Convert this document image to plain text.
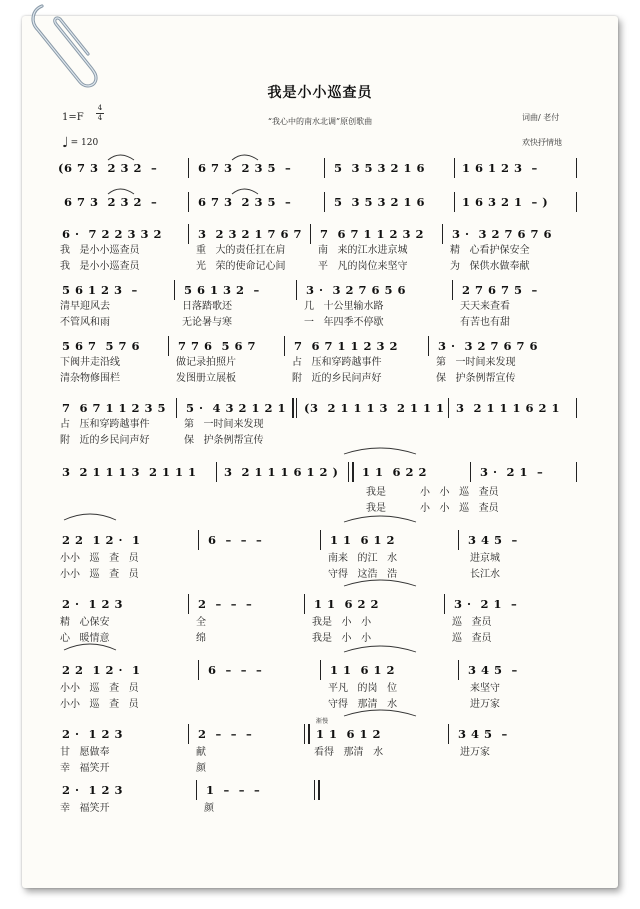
我是小小巡查员
“我心中的南水北调”原创歌曲
1=F
4
4
♩ = 120
词曲/ 老付
欢快抒情地

(6 7 3  2 3 2  –

	6 7 3  2 3 5  –

	5  3 5 3 2 1 6

	1 6 1 2 3  –

6 7 3  2 3 2  –

	6 7 3  2 3 5  –

	5  3 5 3 2 1 6

	1 6 3 2 1  – )

6 ·  7 2 2 3 3 2

	3  2 3 2 1 7 6 7

7  6 7 1 1 2 3 2

3 ·  3 2 7 6 7 6

我   是小小巡查员

	重   大的责任扛在肩

	南   来的江水进京城

	精   心看护保安全

我   是小小巡查员

	光   荣的使命记心间

	平   凡的岗位来坚守

	为   保供水做奉献

5 6 1 2 3  –

	5 6 1 3 2  –

	3 ·  3 2 7 6 5 6

	2 7 6 7 5  –

清早迎风去

	日落踏歌还

	几   十公里输水路

	天天来查看

不管风和雨

	无论暑与寒

	一   年四季不停歇

	有苦也有甜

5 6 7  5 7 6

	7 7 6  5 6 7

	7  6 7 1 1 2 3 2

	3 ·  3 2 7 6 7 6

下阀井走沿线

	做记录拍照片

	占   压和穿跨越事件

	第   一时间来发现

清杂物修围栏

	发图册立展板

	附   近的乡民问声好

	保   护条例帮宣传

7  6 7 1 1 2 3 5

5 ·  4 3 2 1 2 1

(3  2 1 1 1 3  2 1 1 1

3  2 1 1 1 6 2 1

占   压和穿跨越事件

	第   一时间来发现

附   近的乡民问声好

	保   护条例帮宣传

3  2 1 1 1 3  2 1 1 1

3  2 1 1 1 6 1 2 )

1 1  6 2 2

	3 ·  2 1  –

我是

	小   小   巡   查员

我是

	小   小   巡   查员

2 2  1 2 ·  1

	6  –  –  –

	1 1  6 1 2

	3 4 5  –

小小   巡   查   员

	南来   的江   水

	进京城

小小   巡   查   员

	守得   这浩   浩

	长江水

2 ·  1 2 3

	2  –  –  –

	1 1  6 2 2

	3 ·  2 1  –

精   心保安

	全

	我是   小   小

	巡   查员

心   暖情意

	绵

	我是   小   小

	巡   查员

2 2  1 2 ·  1

	6  –  –  –

	1 1  6 1 2

	3 4 5  –

小小   巡   查   员

	平凡   的岗   位

	来坚守

小小   巡   查   员

	守得   那清   水

	进万家

渐慢

2 ·  1 2 3

	2  –  –  –

	1 1  6 1 2

	3 4 5  –

甘   愿做奉

	献

	看得   那清   水

	进万家

幸   福笑开

	颜

2 ·  1 2 3

	1  –  –  –

幸   福笑开

	颜
